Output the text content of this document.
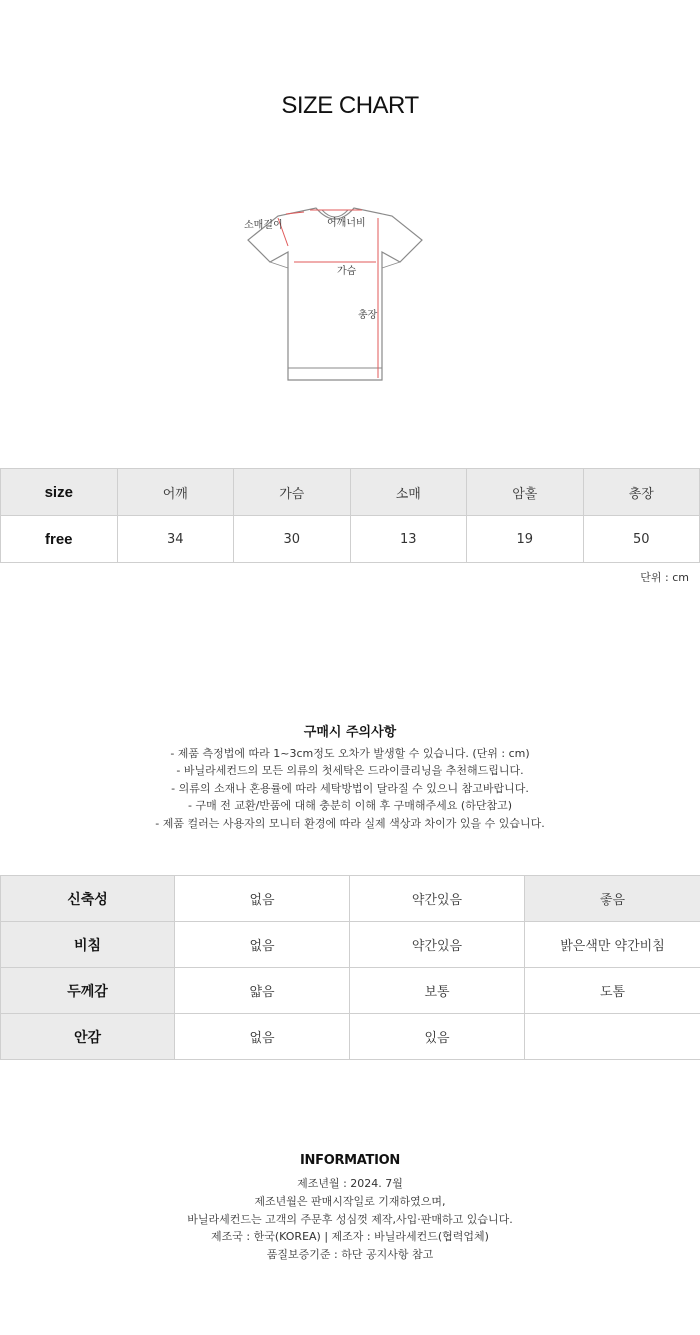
SIZE CHART
소매길이	어깨너비
가슴
총장
size	어깨	가슴	소매	암홀	총장
free	34	30	13	19	50
단위 : cm
구매시 주의사항
- 제품 측정법에 따라 1~3cm정도 오차가 발생할 수 있습니다. (단위 : cm)
- 바닐라세컨드의 모든 의류의 첫세탁은 드라이클리닝을 추천해드립니다.
- 의류의 소재나 혼용률에 따라 세탁방법이 달라질 수 있으니 참고바랍니다.
- 구매 전 교환/반품에 대해 충분히 이해 후 구매해주세요 (하단참고)
- 제품 컬러는 사용자의 모니터 환경에 따라 실제 색상과 차이가 있을 수 있습니다.
신축성	없음	약간있음	좋음
비침	없음	약간있음	밝은색만 약간비침
두께감	얇음	보통	도톰
안감	없음	있음	
INFORMATION
제조년월 : 2024. 7월
제조년월은 판매시작일로 기재하였으며,
바닐라세컨드는 고객의 주문후 성심껏 제작,사입·판매하고 있습니다.
제조국 : 한국(KOREA) | 제조자 : 바닐라세컨드(협력업체)
품질보증기준 : 하단 공지사항 참고
